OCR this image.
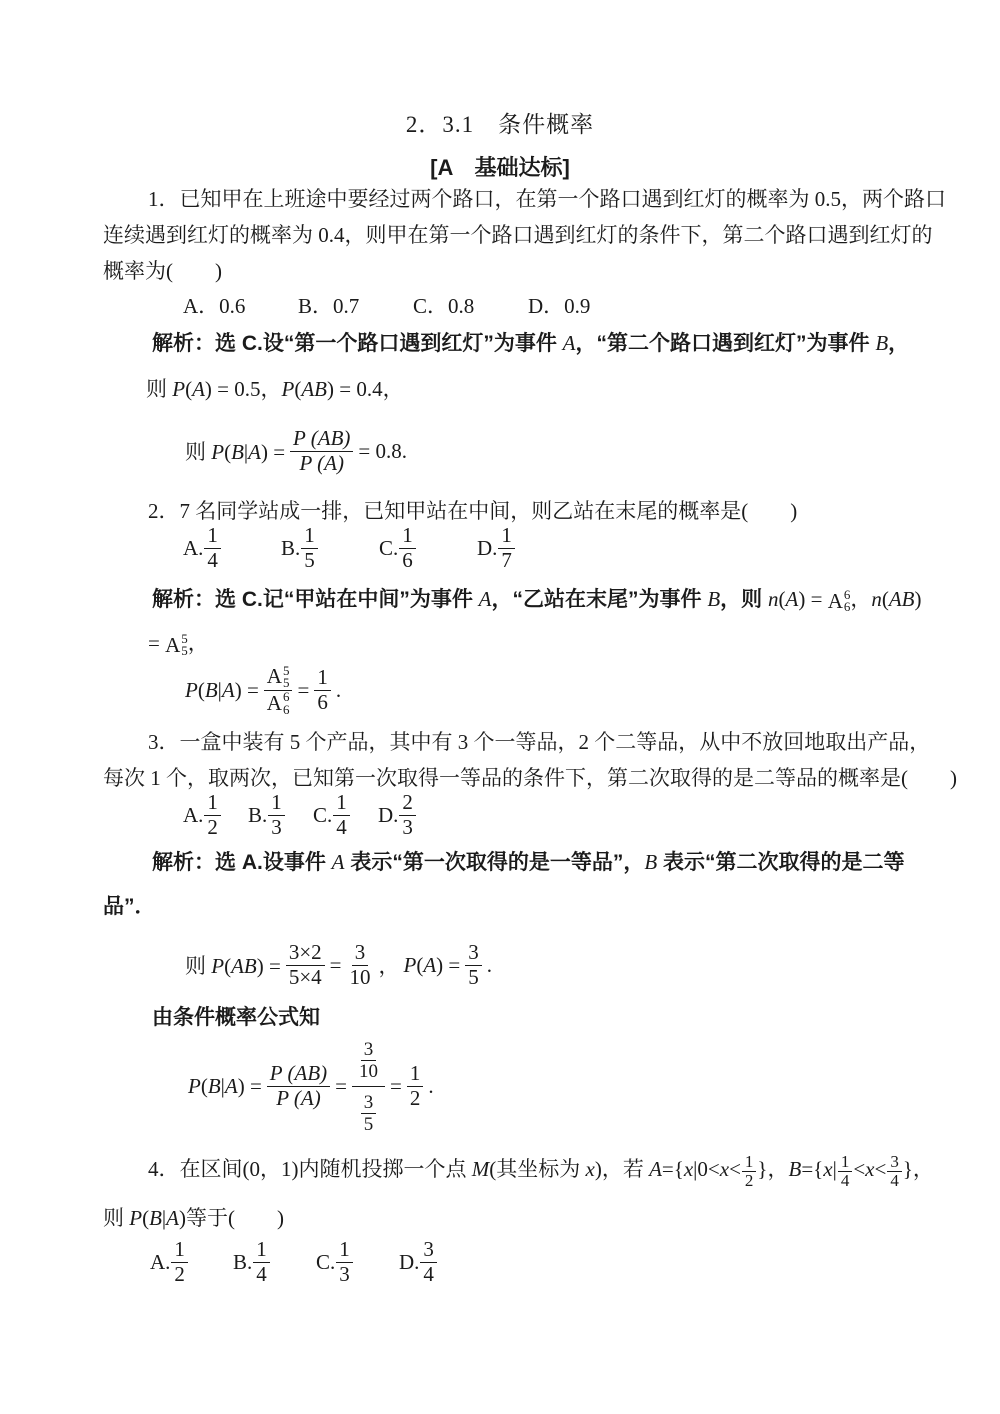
2．3.1　条件概率
[A　基础达标]
1．已知甲在上班途中要经过两个路口，在第一个路口遇到红灯的概率为 0.5，两个路口
连续遇到红灯的概率为 0.4，则甲在第一个路口遇到红灯的条件下，第二个路口遇到红灯的
概率为(　　)
A．0.6	B．0.7	C．0.8	D．0.9
解析：选 C.设“第一个路口遇到红灯”为事件 A，“第二个路口遇到红灯”为事件 B，
则 P(A) = 0.5，P(AB) = 0.4，
则 $P(B|A) = \frac{P (AB)}{P (A)} = 0.8$.
2．7 名同学站成一排，已知甲站在中间，则乙站在末尾的概率是(　　)
A. $\frac{1}{4}$	B. $\frac{1}{5}$	C. $\frac{1}{6}$	D. $\frac{1}{7}$
解析：选 C.记“甲站在中间”为事件 A，“乙站在末尾”为事件 B，则 n(A) = A 6
6 ，n(AB)
= A 5
5 ，
P(B|A) = A 5
5
A 6
$6 = \frac{1}{6}$ .
3．一盒中装有 5 个产品，其中有 3 个一等品，2 个二等品，从中不放回地取出产品，
每次 1 个，取两次，已知第一次取得一等品的条件下，第二次取得的是二等品的概率是(　　)
A. $\frac{1}{2} B$. $\frac{1}{3} C$. $\frac{1}{4} D$. $\frac{2}{3}$
解析：选 A.设事件 A 表示“第一次取得的是一等品”，B 表示“第二次取得的是二等
品”．
则 $P(AB) = \frac{3\times 2}{5\times 4} = \frac{3}{10}$ ， $P(A) = \frac{3}{5}$ .
由条件概率公式知
$P(B|A) = \frac{P (AB)}{P (A)} = \frac{\frac{3}{10}}{\frac{3}{5}} = \frac{1}{2}$ .
4．在区间(0，1)内随机投掷一个点 M(其坐标为 x)，若 $A=\{x|0<x< \frac{1}{2}$ }，$B=\{x| \frac{1}{4} <x< \frac{3}{4}$ }，
则 P(B|A)等于(　　)
A. $\frac{1}{2} B$. $\frac{1}{4} C$. $\frac{1}{3} D$. $\frac{3}{4}$
